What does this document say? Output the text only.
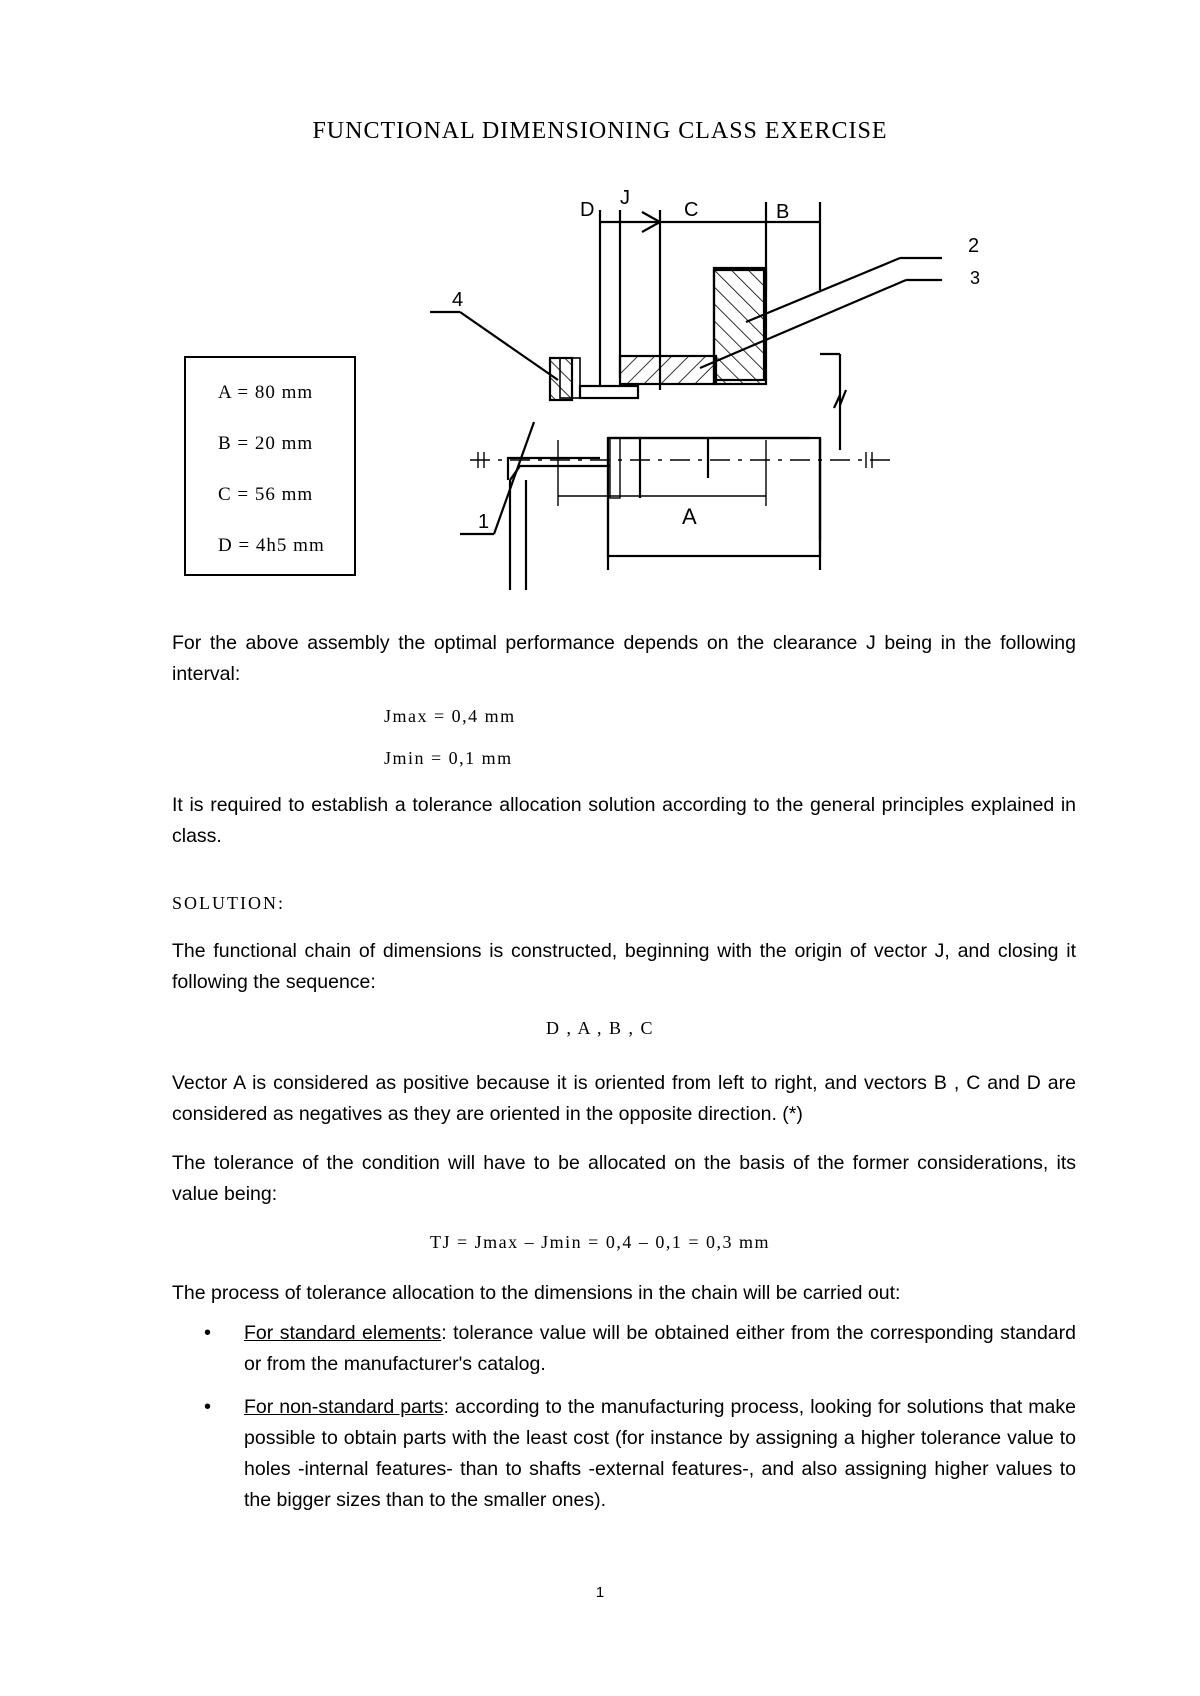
FUNCTIONAL DIMENSIONING CLASS EXERCISE
A = 80 mm
B = 20 mm
C = 56 mm
D = 4h5 mm
D
J
C	B
A
1
2
3
4
For the above assembly the optimal performance depends on the clearance J being in the following interval:
Jmax = 0,4 mm
Jmin = 0,1 mm
It is required to establish a tolerance allocation solution according to the general principles explained in class.
SOLUTION:
The functional chain of dimensions is constructed, beginning with the origin of vector J, and closing it following the sequence:
D , A , B , C
Vector A is considered as positive because it is oriented from left to right, and vectors B , C and D are considered as negatives as they are oriented in the opposite direction. (*)
The tolerance of the condition will have to be allocated on the basis of the former considerations, its value being:
TJ = Jmax – Jmin = 0,4 – 0,1 = 0,3 mm
The process of tolerance allocation to the dimensions in the chain will be carried out:
• For standard elements: tolerance value will be obtained either from the corresponding standard or from the manufacturer's catalog.
• For non-standard parts: according to the manufacturing process, looking for solutions that make possible to obtain parts with the least cost (for instance by assigning a higher tolerance value to holes -internal features- than to shafts -external features-, and also assigning higher values to the bigger sizes than to the smaller ones).
1
